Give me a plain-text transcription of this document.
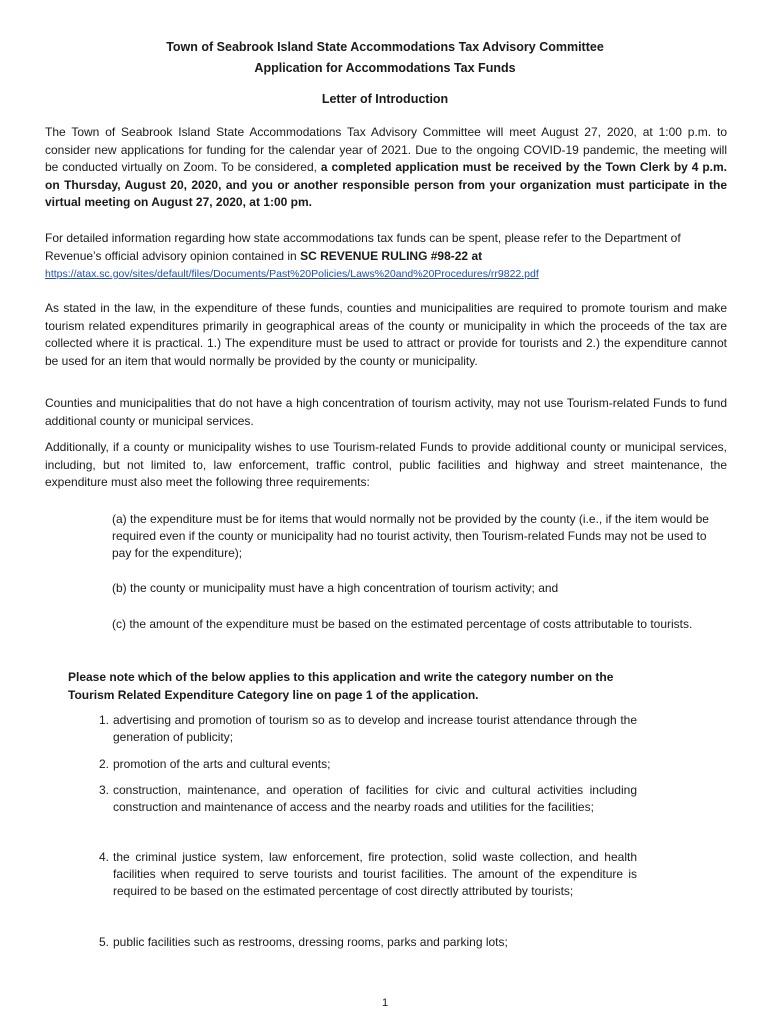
Town of Seabrook Island State Accommodations Tax Advisory Committee
Application for Accommodations Tax Funds
Letter of Introduction
The Town of Seabrook Island State Accommodations Tax Advisory Committee will meet August 27, 2020, at 1:00 p.m. to consider new applications for funding for the calendar year of 2021. Due to the ongoing COVID-19 pandemic, the meeting will be conducted virtually on Zoom. To be considered, a completed application must be received by the Town Clerk by 4 p.m. on Thursday, August 20, 2020, and you or another responsible person from your organization must participate in the virtual meeting on August 27, 2020, at 1:00 pm.
For detailed information regarding how state accommodations tax funds can be spent, please refer to the Department of Revenue’s official advisory opinion contained in SC REVENUE RULING #98-22 at
https://atax.sc.gov/sites/default/files/Documents/Past%20Policies/Laws%20and%20Procedures/rr9822.pdf
As stated in the law, in the expenditure of these funds, counties and municipalities are required to promote tourism and make tourism related expenditures primarily in geographical areas of the county or municipality in which the proceeds of the tax are collected where it is practical. 1.) The expenditure must be used to attract or provide for tourists and 2.) the expenditure cannot be used for an item that would normally be provided by the county or municipality.
Counties and municipalities that do not have a high concentration of tourism activity, may not use Tourism-related Funds to fund additional county or municipal services.
Additionally, if a county or municipality wishes to use Tourism-related Funds to provide additional county or municipal services, including, but not limited to, law enforcement, traffic control, public facilities and highway and street maintenance, the expenditure must also meet the following three requirements:
(a) the expenditure must be for items that would normally not be provided by the county (i.e., if the item would be required even if the county or municipality had no tourist activity, then Tourism-related Funds may not be used to pay for the expenditure);
(b) the county or municipality must have a high concentration of tourism activity; and
(c) the amount of the expenditure must be based on the estimated percentage of costs attributable to tourists.
Please note which of the below applies to this application and write the category number on the Tourism Related Expenditure Category line on page 1 of the application.
1. advertising and promotion of tourism so as to develop and increase tourist attendance through the generation of publicity;
2. promotion of the arts and cultural events;
3. construction, maintenance, and operation of facilities for civic and cultural activities including construction and maintenance of access and the nearby roads and utilities for the facilities;
4. the criminal justice system, law enforcement, fire protection, solid waste collection, and health facilities when required to serve tourists and tourist facilities. The amount of the expenditure is required to be based on the estimated percentage of cost directly attributed by tourists;
5. public facilities such as restrooms, dressing rooms, parks and parking lots;
1
